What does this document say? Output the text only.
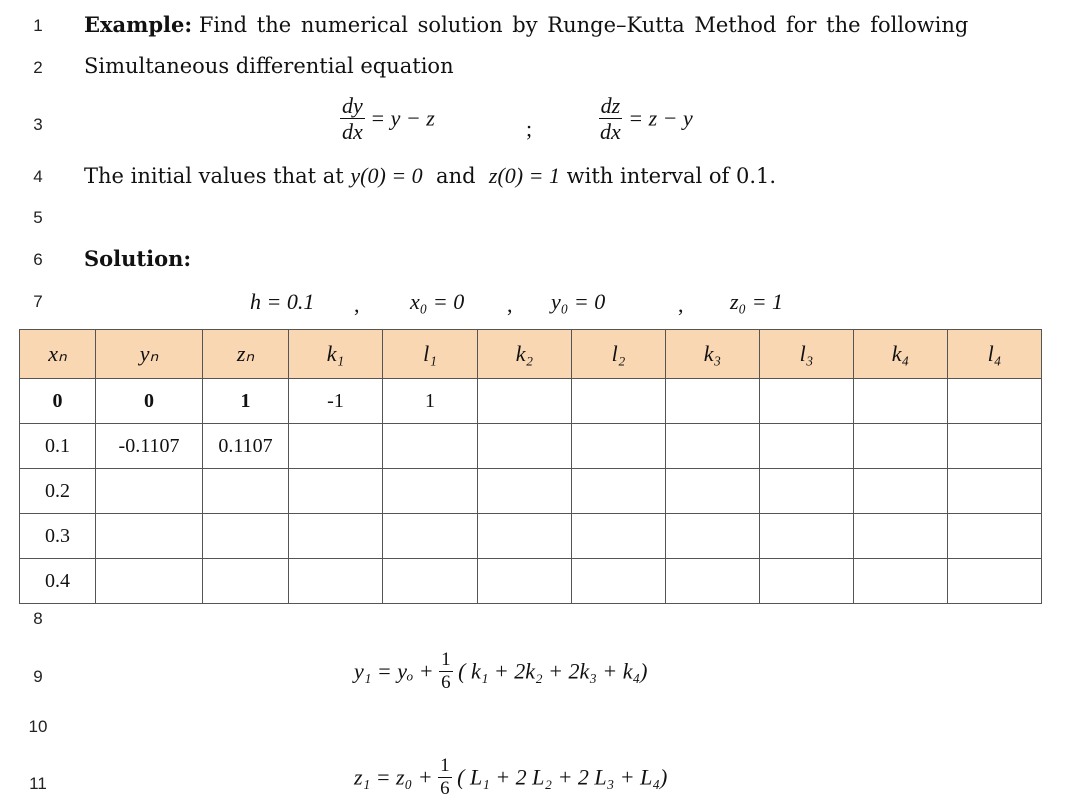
1
2
3
4
5
6
7
8
9
10
11
Example: Find the numerical solution by Runge–Kutta Method for the following
Simultaneous differential equation
$\frac{dy}{dx} = y - z$	;	$\frac{dz}{dx} = z - y$
The initial values that at y(0) = 0 and z(0) = 1 with interval of 0.1.
Solution:
h = 0.1 , x₀ = 0 , y₀ = 0	, z₀ = 1
xₙ	yₙ	zₙ	k₁	l₁	k₂	l₂	k₃	l₃	k₄	l₄
0	0	1	-1	1						
0.1	-0.1107	0.1107								
0.2										
0.3										
0.4										
$y_1 = y_o + \frac{1}{6}$ ( k₁ + 2k₂ + 2k₃ + k₄)
$z_1 = z_0 + \frac{1}{6}$ ( L₁ + 2 L₂ + 2 L₃ + L₄)
